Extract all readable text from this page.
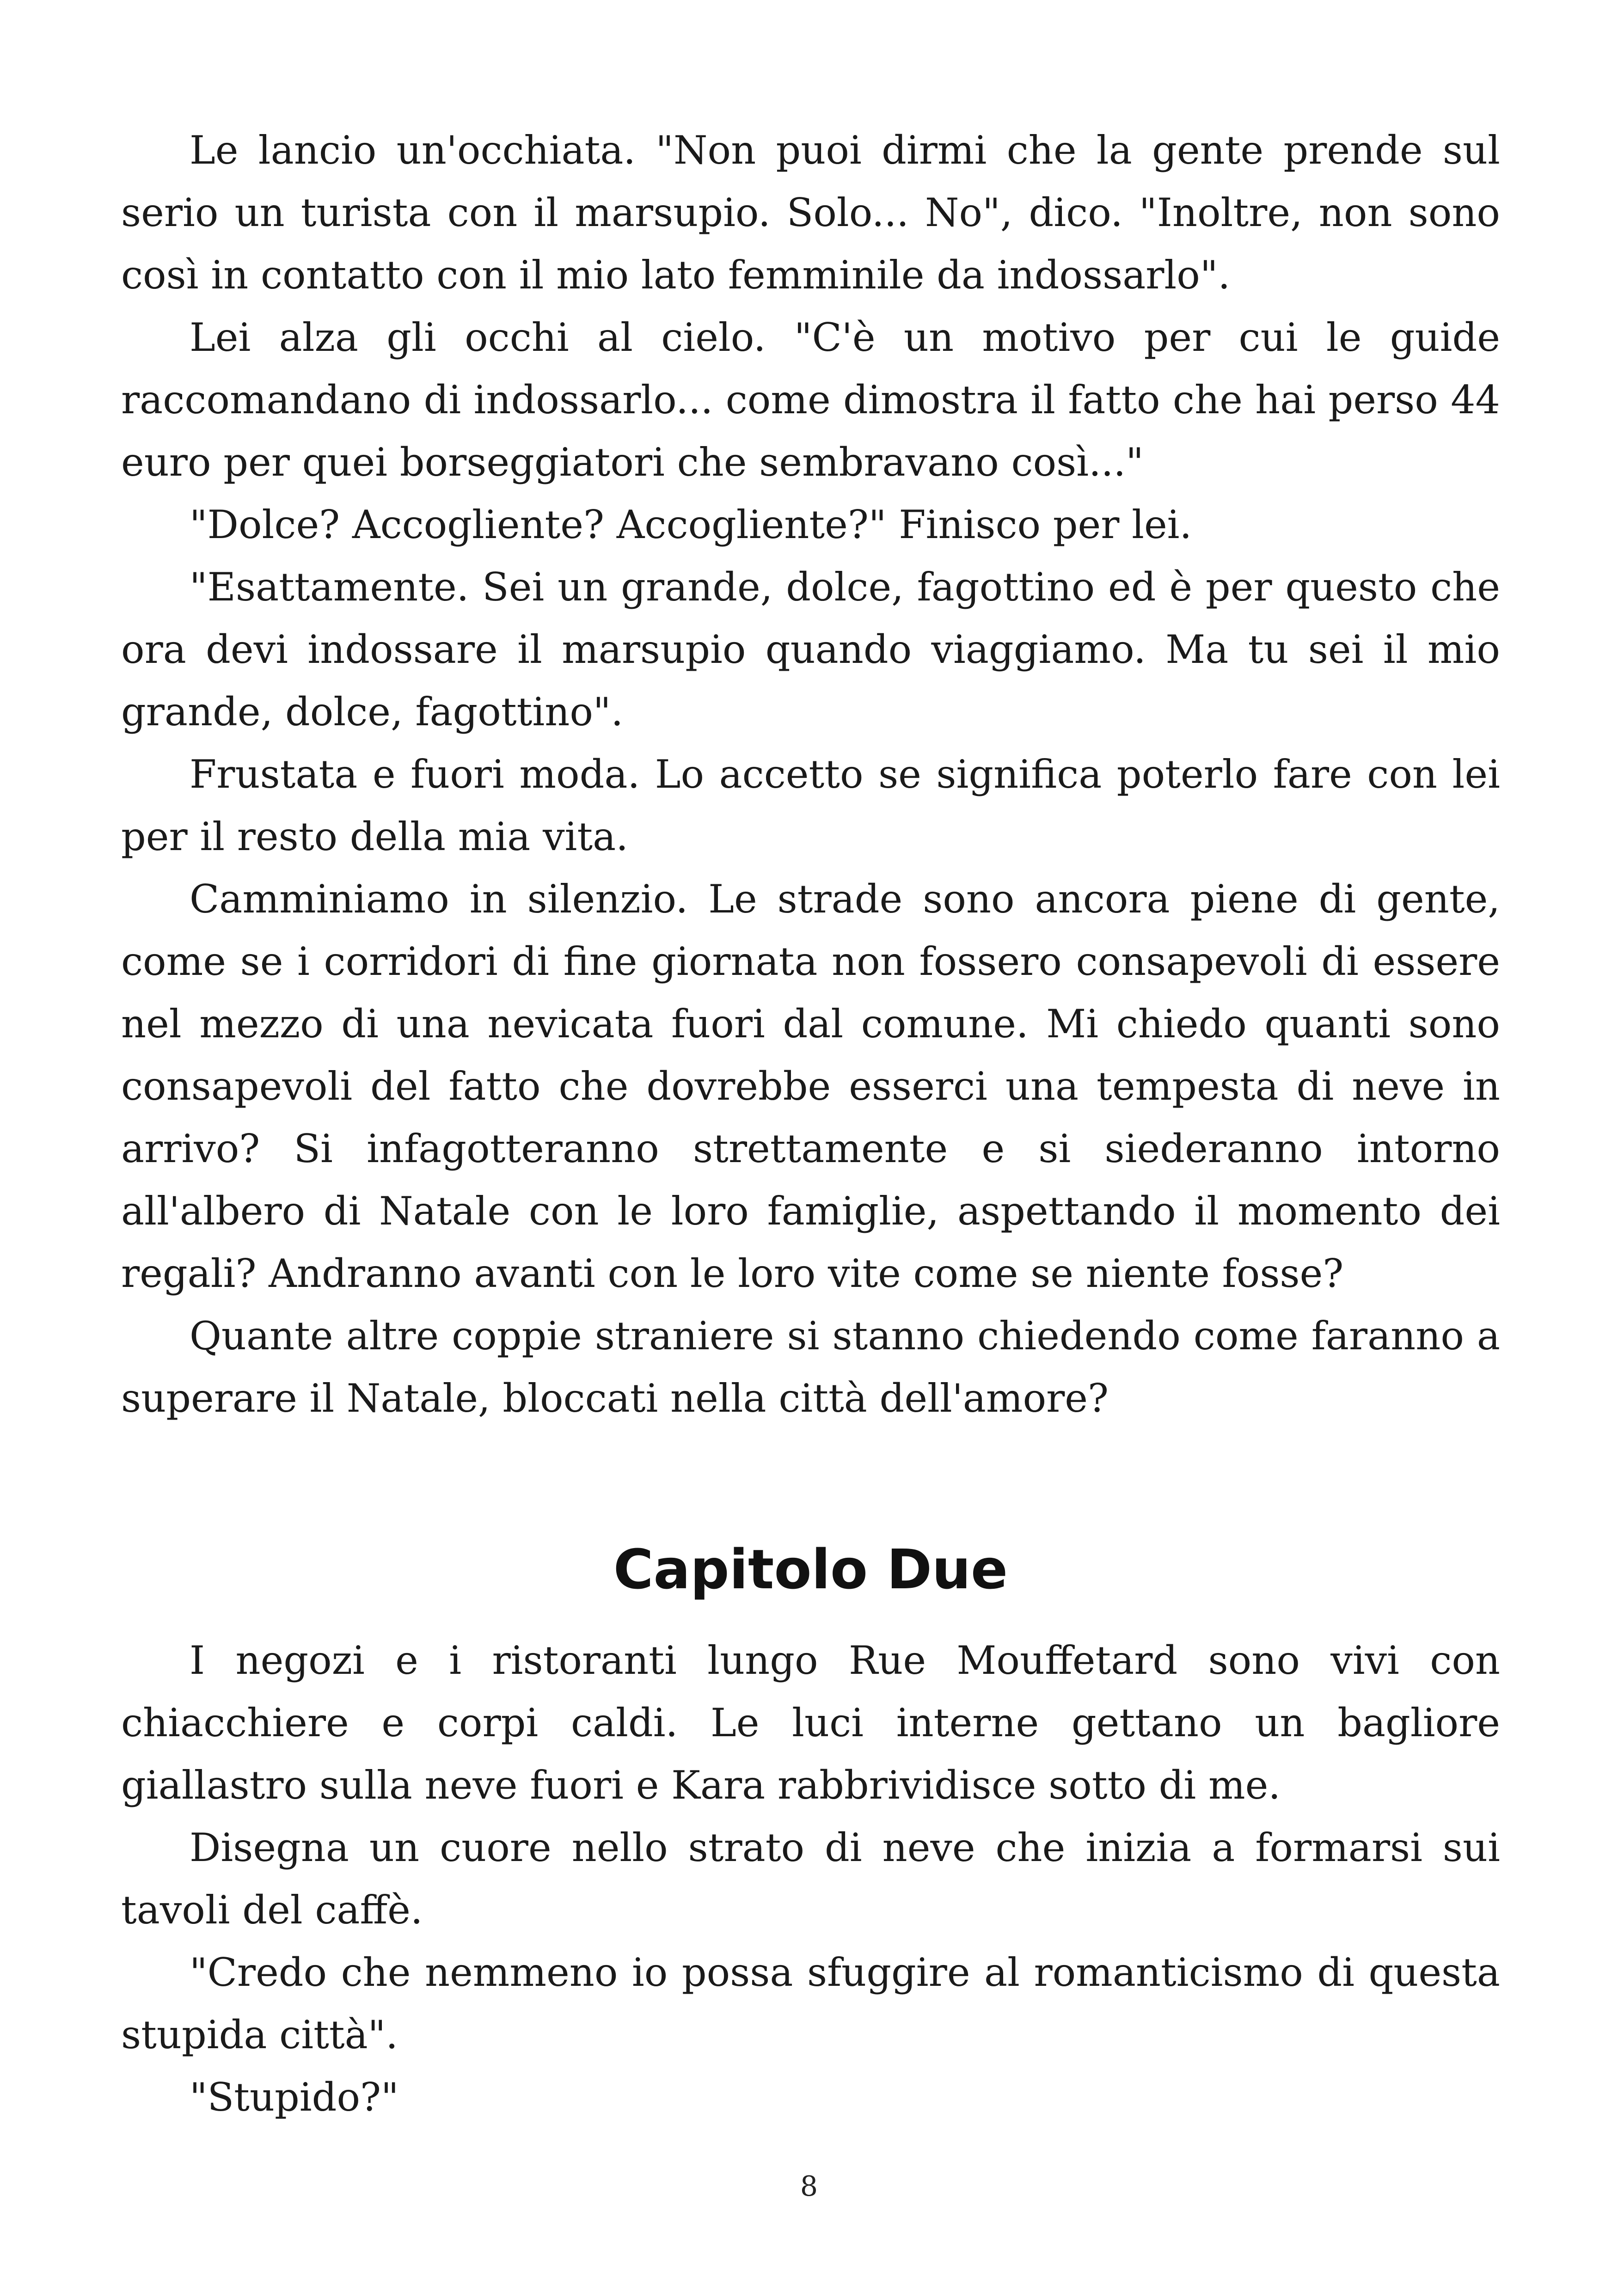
Le lancio un'occhiata. "Non puoi dirmi che la gente prende sul serio un turista con il marsupio. Solo... No", dico. "Inoltre, non sono così in contatto con il mio lato femminile da indossarlo".

Lei alza gli occhi al cielo. "C'è un motivo per cui le guide raccomandano di indossarlo... come dimostra il fatto che hai perso 44 euro per quei borseggiatori che sembravano così..."

"Dolce? Accogliente? Accogliente?" Finisco per lei.

"Esattamente. Sei un grande, dolce, fagottino ed è per questo che ora devi indossare il marsupio quando viaggiamo. Ma tu sei il mio grande, dolce, fagottino".

Frustata e fuori moda. Lo accetto se significa poterlo fare con lei per il resto della mia vita.

Camminiamo in silenzio. Le strade sono ancora piene di gente, come se i corridori di fine giornata non fossero consapevoli di essere nel mezzo di una nevicata fuori dal comune. Mi chiedo quanti sono consapevoli del fatto che dovrebbe esserci una tempesta di neve in arrivo? Si infagotteranno strettamente e si siederanno intorno all'albero di Natale con le loro famiglie, aspettando il momento dei regali? Andranno avanti con le loro vite come se niente fosse?

Quante altre coppie straniere si stanno chiedendo come faranno a superare il Natale, bloccati nella città dell'amore?

Capitolo Due

I negozi e i ristoranti lungo Rue Mouffetard sono vivi con chiacchiere e corpi caldi. Le luci interne gettano un bagliore giallastro sulla neve fuori e Kara rabbrividisce sotto di me.

Disegna un cuore nello strato di neve che inizia a formarsi sui tavoli del caffè.

"Credo che nemmeno io possa sfuggire al romanticismo di questa stupida città".

"Stupido?"

8
